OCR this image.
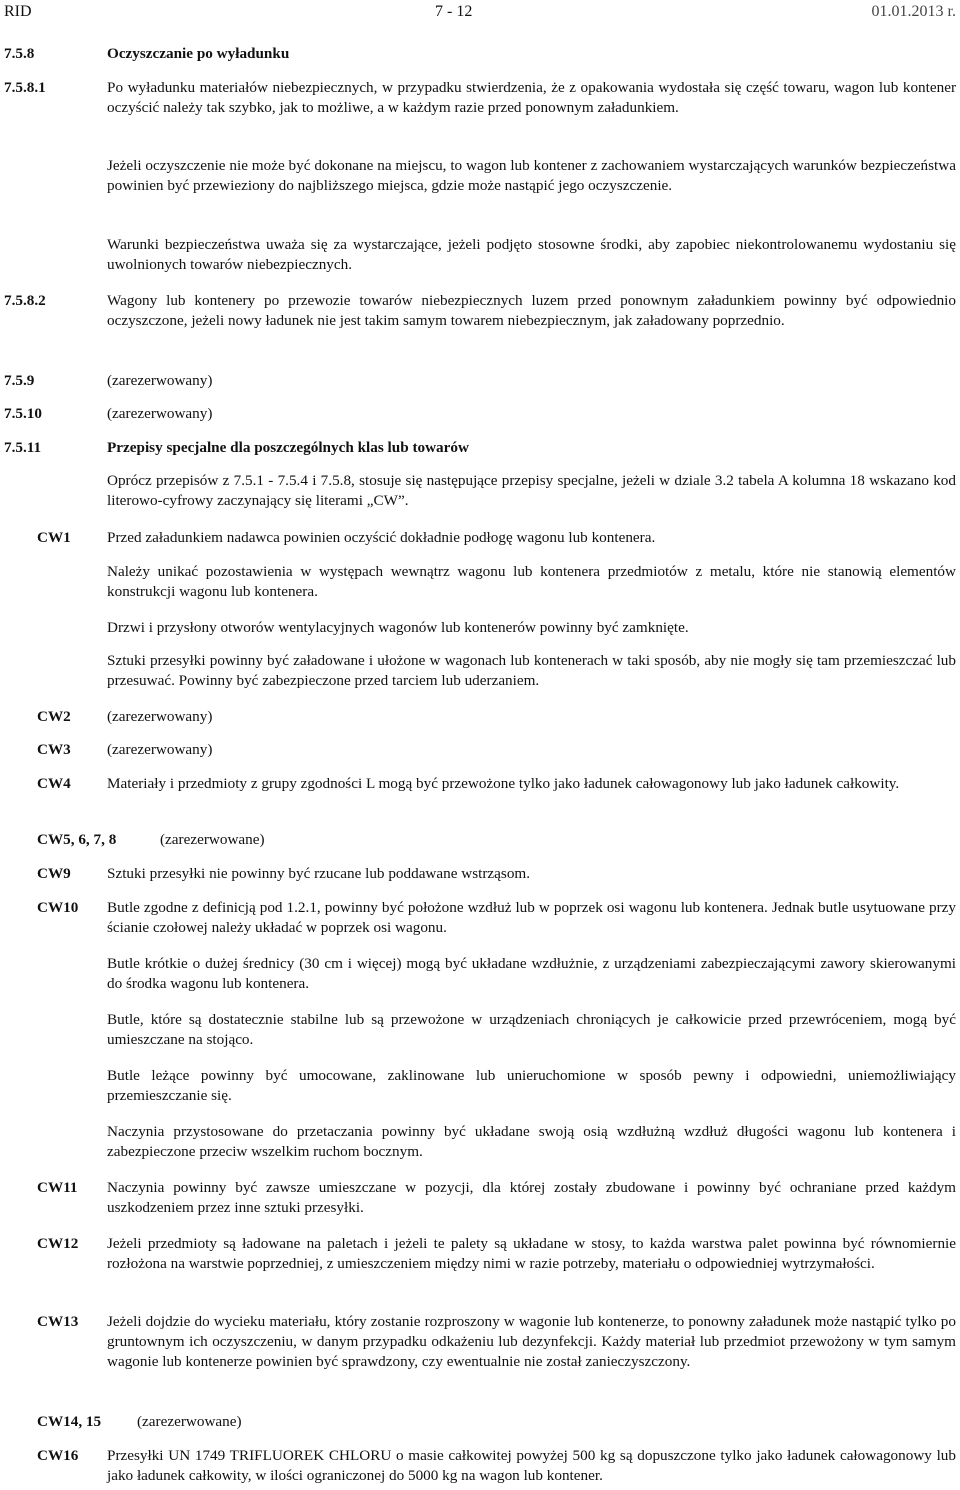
RID	7 - 12	01.01.2013 r.
7.5.8	Oczyszczanie po wyładunku
7.5.8.1	Po wyładunku materiałów niebezpiecznych, w przypadku stwierdzenia, że z opakowania wydostała się część towaru, wagon lub kontener oczyścić należy tak szybko, jak to możliwe, a w każdym razie przed ponownym załadunkiem.
Jeżeli oczyszczenie nie może być dokonane na miejscu, to wagon lub kontener z zachowaniem wystarczających warunków bezpieczeństwa powinien być przewieziony do najbliższego miejsca, gdzie może nastąpić jego oczyszczenie.
Warunki bezpieczeństwa uważa się za wystarczające, jeżeli podjęto stosowne środki, aby zapobiec niekontrolowanemu wydostaniu się uwolnionych towarów niebezpiecznych.
7.5.8.2	Wagony lub kontenery po przewozie towarów niebezpiecznych luzem przed ponownym załadunkiem powinny być odpowiednio oczyszczone, jeżeli nowy ładunek nie jest takim samym towarem niebezpiecznym, jak załadowany poprzednio.
7.5.9	(zarezerwowany)
7.5.10	(zarezerwowany)
7.5.11	Przepisy specjalne dla poszczególnych klas lub towarów
Oprócz przepisów z 7.5.1 - 7.5.4 i 7.5.8, stosuje się następujące przepisy specjalne, jeżeli w dziale 3.2 tabela A kolumna 18 wskazano kod literowo-cyfrowy zaczynający się literami „CW”.
CW1 Przed załadunkiem nadawca powinien oczyścić dokładnie podłogę wagonu lub kontenera.
Należy unikać pozostawienia w występach wewnątrz wagonu lub kontenera przedmiotów z metalu, które nie stanowią elementów konstrukcji wagonu lub kontenera.
Drzwi i przysłony otworów wentylacyjnych wagonów lub kontenerów powinny być zamknięte.
Sztuki przesyłki powinny być załadowane i ułożone w wagonach lub kontenerach w taki sposób, aby nie mogły się tam przemieszczać lub przesuwać. Powinny być zabezpieczone przed tarciem lub uderzaniem.
CW2 (zarezerwowany)
CW3 (zarezerwowany)
CW4 Materiały i przedmioty z grupy zgodności L mogą być przewożone tylko jako ładunek całowagonowy lub jako ładunek całkowity.
CW5, 6, 7, 8	(zarezerwowane)
CW9 Sztuki przesyłki nie powinny być rzucane lub poddawane wstrząsom.
CW10 Butle zgodne z definicją pod 1.2.1, powinny być położone wzdłuż lub w poprzek osi wagonu lub kontenera. Jednak butle usytuowane przy ścianie czołowej należy układać w poprzek osi wagonu.
Butle krótkie o dużej średnicy (30 cm i więcej) mogą być układane wzdłużnie, z urządzeniami zabezpieczającymi zawory skierowanymi do środka wagonu lub kontenera.
Butle, które są dostatecznie stabilne lub są przewożone w urządzeniach chroniących je całkowicie przed przewróceniem, mogą być umieszczane na stojąco.
Butle leżące powinny być umocowane, zaklinowane lub unieruchomione w sposób pewny i odpowiedni, uniemożliwiający przemieszczanie się.
Naczynia przystosowane do przetaczania powinny być układane swoją osią wzdłużną wzdłuż długości wagonu lub kontenera i zabezpieczone przeciw wszelkim ruchom bocznym.
CW11 Naczynia powinny być zawsze umieszczane w pozycji, dla której zostały zbudowane i powinny być ochraniane przed każdym uszkodzeniem przez inne sztuki przesyłki.
CW12 Jeżeli przedmioty są ładowane na paletach i jeżeli te palety są układane w stosy, to każda warstwa palet powinna być równomiernie rozłożona na warstwie poprzedniej, z umieszczeniem między nimi w razie potrzeby, materiału o odpowiedniej wytrzymałości.
CW13 Jeżeli dojdzie do wycieku materiału, który zostanie rozproszony w wagonie lub kontenerze, to ponowny załadunek może nastąpić tylko po gruntownym ich oczyszczeniu, w danym przypadku odkażeniu lub dezynfekcji. Każdy materiał lub przedmiot przewożony w tym samym wagonie lub kontenerze powinien być sprawdzony, czy ewentualnie nie został zanieczyszczony.
CW14, 15 (zarezerwowane)
CW16 Przesyłki UN 1749 TRIFLUOREK CHLORU o masie całkowitej powyżej 500 kg są dopuszczone tylko jako ładunek całowagonowy lub jako ładunek całkowity, w ilości ograniczonej do 5000 kg na wagon lub kontener.
